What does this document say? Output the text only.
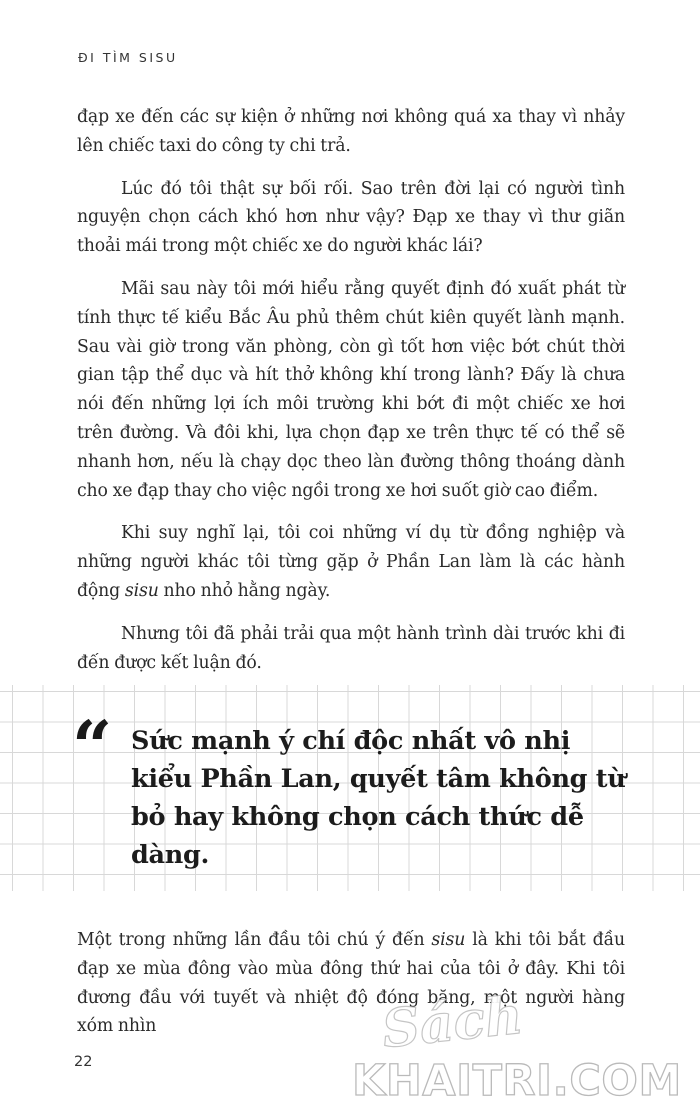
ĐI TÌM SISU

đạp xe đến các sự kiện ở những nơi không quá xa thay vì nhảy lên chiếc taxi do công ty chi trả.

Lúc đó tôi thật sự bối rối. Sao trên đời lại có người tình nguyện chọn cách khó hơn như vậy? Đạp xe thay vì thư giãn thoải mái trong một chiếc xe do người khác lái?

Mãi sau này tôi mới hiểu rằng quyết định đó xuất phát từ tính thực tế kiểu Bắc Âu phủ thêm chút kiên quyết lành mạnh. Sau vài giờ trong văn phòng, còn gì tốt hơn việc bớt chút thời gian tập thể dục và hít thở không khí trong lành? Đấy là chưa nói đến những lợi ích môi trường khi bớt đi một chiếc xe hơi trên đường. Và đôi khi, lựa chọn đạp xe trên thực tế có thể sẽ nhanh hơn, nếu là chạy dọc theo làn đường thông thoáng dành cho xe đạp thay cho việc ngồi trong xe hơi suốt giờ cao điểm.

Khi suy nghĩ lại, tôi coi những ví dụ từ đồng nghiệp và những người khác tôi từng gặp ở Phần Lan làm là các hành động sisu nho nhỏ hằng ngày.

Nhưng tôi đã phải trải qua một hành trình dài trước khi đi đến được kết luận đó.

“ Sức mạnh ý chí độc nhất vô nhị kiểu Phần Lan, quyết tâm không từ bỏ hay không chọn cách thức dễ dàng.

Một trong những lần đầu tôi chú ý đến sisu là khi tôi bắt đầu đạp xe mùa đông vào mùa đông thứ hai của tôi ở đây. Khi tôi đương đầu với tuyết và nhiệt độ đóng băng, một người hàng xóm nhìn

22
Sách
KHAITRI.COM
